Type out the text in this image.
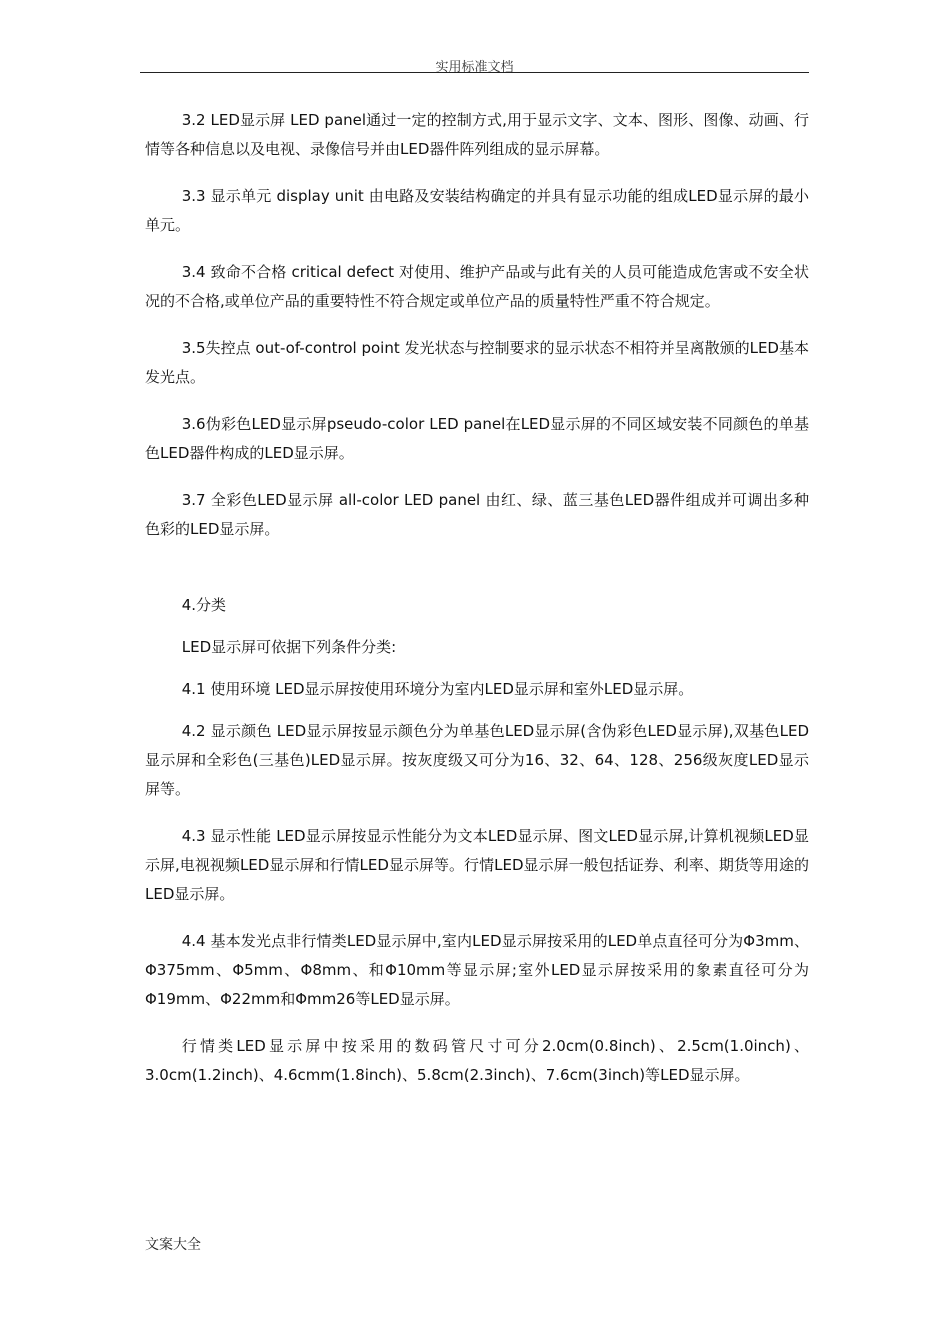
实用标准文档

3.2 LED显示屏 LED panel通过一定的控制方式,用于显示文字、文本、图形、图像、动画、行情等各种信息以及电视、录像信号并由LED器件阵列组成的显示屏幕。

3.3 显示单元 display unit 由电路及安装结构确定的并具有显示功能的组成LED显示屏的最小单元。

3.4 致命不合格 critical defect 对使用、维护产品或与此有关的人员可能造成危害或不安全状况的不合格,或单位产品的重要特性不符合规定或单位产品的质量特性严重不符合规定。

3.5失控点 out-of-control point 发光状态与控制要求的显示状态不相符并呈离散颁的LED基本发光点。

3.6伪彩色LED显示屏pseudo-color LED panel在LED显示屏的不同区域安装不同颜色的单基色LED器件构成的LED显示屏。

3.7 全彩色LED显示屏 all-color LED panel 由红、绿、蓝三基色LED器件组成并可调出多种色彩的LED显示屏。

4.分类

LED显示屏可依据下列条件分类:

4.1 使用环境 LED显示屏按使用环境分为室内LED显示屏和室外LED显示屏。

4.2 显示颜色 LED显示屏按显示颜色分为单基色LED显示屏(含伪彩色LED显示屏),双基色LED显示屏和全彩色(三基色)LED显示屏。按灰度级又可分为16、32、64、128、256级灰度LED显示屏等。

4.3 显示性能 LED显示屏按显示性能分为文本LED显示屏、图文LED显示屏,计算机视频LED显示屏,电视视频LED显示屏和行情LED显示屏等。行情LED显示屏一般包括证券、利率、期货等用途的LED显示屏。

4.4 基本发光点非行情类LED显示屏中,室内LED显示屏按采用的LED单点直径可分为Φ3mm、Φ375mm、Φ5mm、Φ8mm、和Φ10mm等显示屏;室外LED显示屏按采用的象素直径可分为Φ19mm、Φ22mm和Φmm26等LED显示屏。

行情类LED显示屏中按采用的数码管尺寸可分2.0cm(0.8inch)、2.5cm(1.0inch)、3.0cm(1.2inch)、4.6cmm(1.8inch)、5.8cm(2.3inch)、7.6cm(3inch)等LED显示屏。

文案大全
